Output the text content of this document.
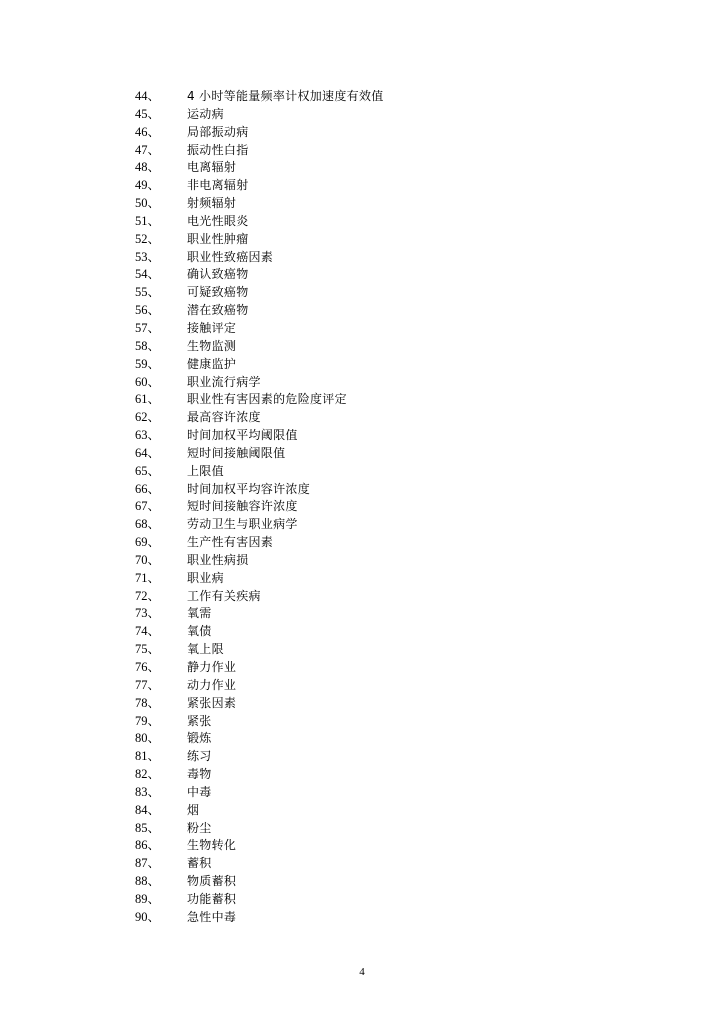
44、 4 小时等能量频率计权加速度有效值
45、 运动病
46、 局部振动病
47、 振动性白指
48、 电离辐射
49、 非电离辐射
50、 射频辐射
51、 电光性眼炎
52、 职业性肿瘤
53、 职业性致癌因素
54、 确认致癌物
55、 可疑致癌物
56、 潜在致癌物
57、 接触评定
58、 生物监测
59、 健康监护
60、 职业流行病学
61、 职业性有害因素的危险度评定
62、 最高容许浓度
63、 时间加权平均阈限值
64、 短时间接触阈限值
65、 上限值
66、 时间加权平均容许浓度
67、 短时间接触容许浓度
68、 劳动卫生与职业病学
69、 生产性有害因素
70、 职业性病损
71、 职业病
72、 工作有关疾病
73、 氧需
74、 氧债
75、 氧上限
76、 静力作业
77、 动力作业
78、 紧张因素
79、 紧张
80、 锻炼
81、 练习
82、 毒物
83、 中毒
84、 烟
85、 粉尘
86、 生物转化
87、 蓄积
88、 物质蓄积
89、 功能蓄积
90、 急性中毒
4
